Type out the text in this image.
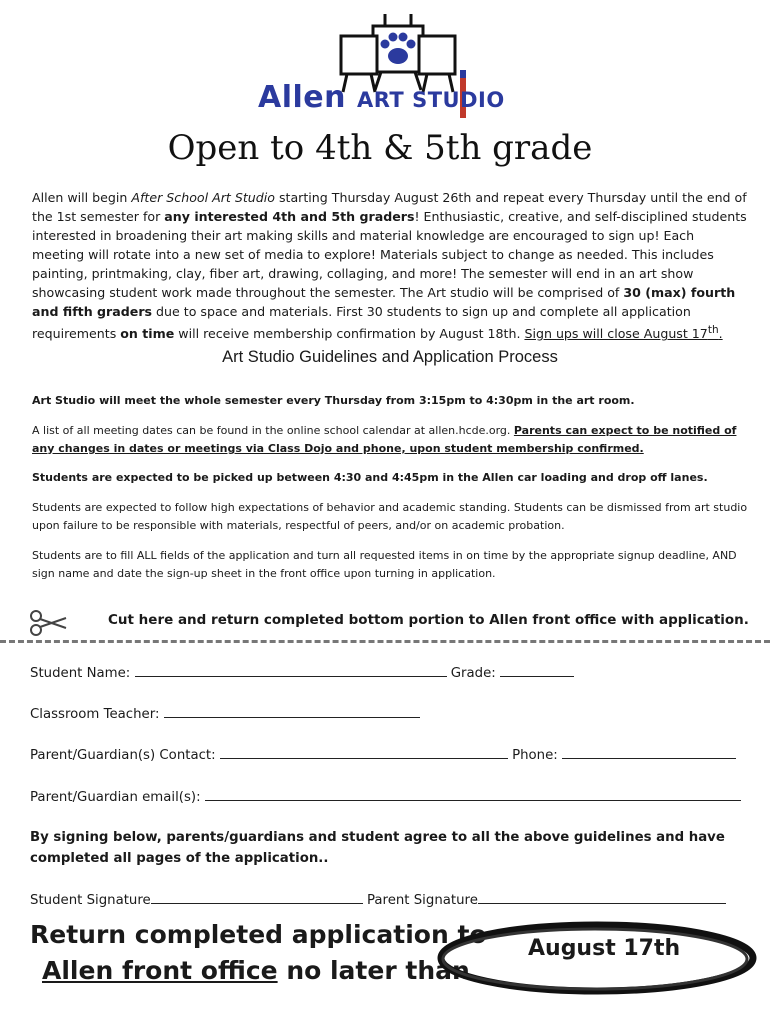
Allen ART STUDIO
Open to 4th & 5th grade
Allen will begin After School Art Studio starting Thursday August 26th and repeat every Thursday until the end of the 1st semester for any interested 4th and 5th graders! Enthusiastic, creative, and self-disciplined students interested in broadening their art making skills and material knowledge are encouraged to sign up! Each meeting will rotate into a new set of media to explore! Materials subject to change as needed. This includes painting, printmaking, clay, fiber art, drawing, collaging, and more! The semester will end in an art show showcasing student work made throughout the semester. The Art studio will be comprised of 30 (max) fourth and fifth graders due to space and materials. First 30 students to sign up and complete all application requirements on time will receive membership confirmation by August 18th. Sign ups will close August 17th.
Art Studio Guidelines and Application Process
Art Studio will meet the whole semester every Thursday from 3:15pm to 4:30pm in the art room.
A list of all meeting dates can be found in the online school calendar at allen.hcde.org. Parents can expect to be notified of any changes in dates or meetings via Class Dojo and phone, upon student membership confirmed.
Students are expected to be picked up between 4:30 and 4:45pm in the Allen car loading and drop off lanes.
Students are expected to follow high expectations of behavior and academic standing. Students can be dismissed from art studio upon failure to be responsible with materials, respectful of peers, and/or on academic probation.
Students are to fill ALL fields of the application and turn all requested items in on time by the appropriate signup deadline, AND sign name and date the sign-up sheet in the front office upon turning in application.
Cut here and return completed bottom portion to Allen front office with application.
Student Name:	Grade:
Classroom Teacher:
Parent/Guardian(s) Contact:	Phone:
Parent/Guardian email(s):
By signing below, parents/guardians and student agree to all the above guidelines and have completed all pages of the application..
Student Signature	Parent Signature
Return completed application to
Allen front office no later than
August 17th
